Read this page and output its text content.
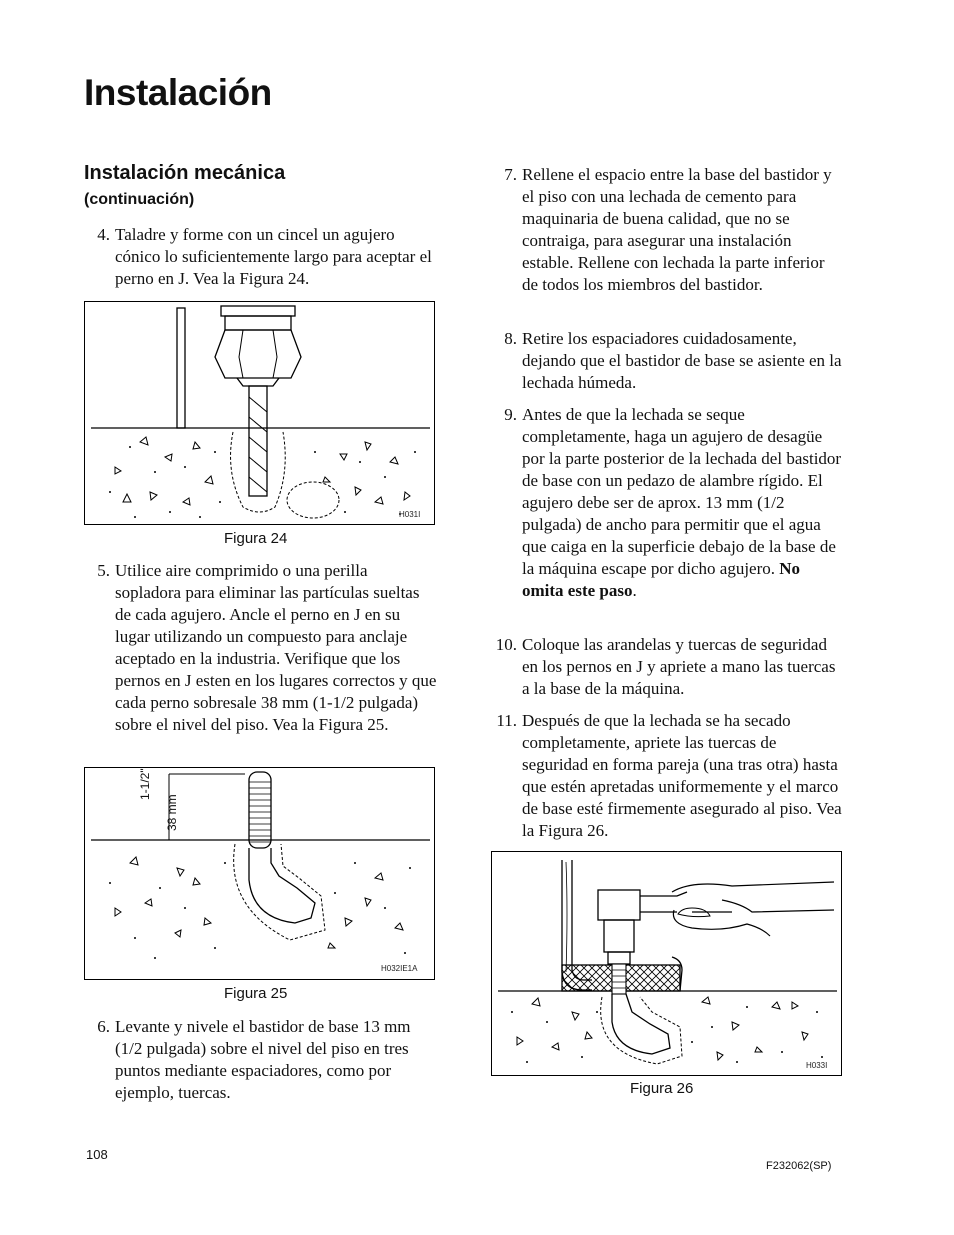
Instalación
Instalación mecánica
(continuación)
4. Taladre y forme con un cincel un agujero cónico lo suficientemente largo para aceptar el perno en J. Vea la Figura 24.
H031I
Figura 24
5. Utilice aire comprimido o una perilla sopladora para eliminar las partículas sueltas de cada agujero. Ancle el perno en J en su lugar utilizando un compuesto para anclaje aceptado en la industria. Verifique que los pernos en J esten en los lugares correctos y que cada perno sobresale 38 mm (1-1/2 pulgada) sobre el nivel del piso. Vea la Figura 25.
1-1/2"
38 mm
H032IE1A
Figura 25
6. Levante y nivele el bastidor de base 13 mm (1/2 pulgada) sobre el nivel del piso en tres puntos mediante espaciadores, como por ejemplo, tuercas.
7. Rellene el espacio entre la base del bastidor y el piso con una lechada de cemento para maquinaria de buena calidad, que no se contraiga, para asegurar una instalación estable. Rellene con lechada la parte inferior de todos los miembros del bastidor.
8. Retire los espaciadores cuidadosamente, dejando que el bastidor de base se asiente en la lechada húmeda.
9. Antes de que la lechada se seque completamente, haga un agujero de desagüe por la parte posterior de la lechada del bastidor de base con un pedazo de alambre rígido. El agujero debe ser de aprox. 13 mm (1/2 pulgada) de ancho para permitir que el agua que caiga en la superficie debajo de la base de la máquina escape por dicho agujero. No omita este paso.
10. Coloque las arandelas y tuercas de seguridad en los pernos en J y apriete a mano las tuercas a la base de la máquina.
11. Después de que la lechada se ha secado completamente, apriete las tuercas de seguridad en forma pareja (una tras otra) hasta que estén apretadas uniformemente y el marco de base esté firmemente asegurado al piso. Vea la Figura 26.
H033I
Figura 26
108
F232062(SP)
